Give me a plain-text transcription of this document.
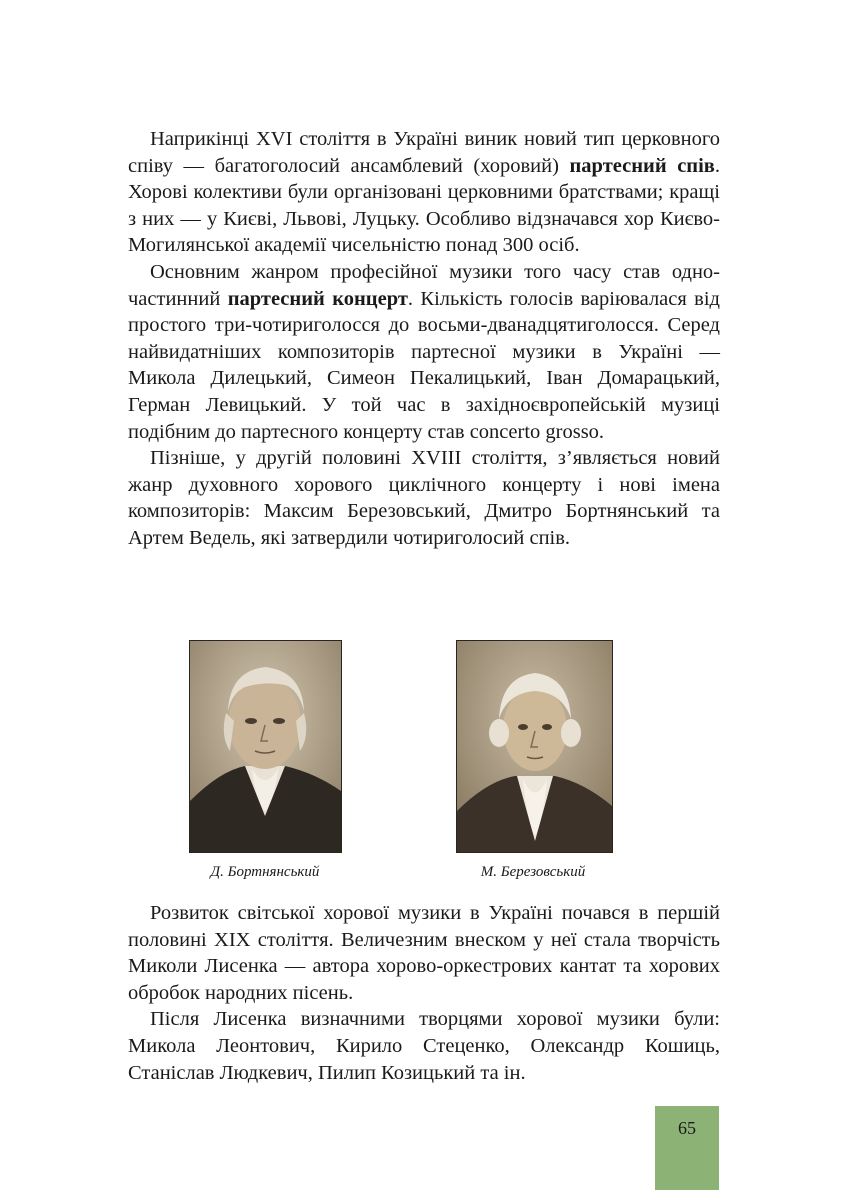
Наприкінці XVI століття в Україні виник новий тип церковного співу — багатоголосий ансамблевий (хоровий) партесний спів. Хорові колективи були організовані церковними братствами; кращі з них — у Києві, Львові, Луцьку. Особливо відзначався хор Києво-Могилянської академії чисельністю понад 300 осіб.

Основним жанром професійної музики того часу став одночастинний партесний концерт. Кількість голосів варіювалася від простого три-чотириголосся до восьми-дванадцятиголосся. Серед найвидатніших композиторів партесної музики в Україні — Микола Дилецький, Симеон Пекалицький, Іван Домарацький, Герман Левицький. У той час в західноєвропейській музиці подібним до партесного концерту став concerto grosso.

Пізніше, у другій половині XVIII століття, з’являється новий жанр духовного хорового циклічного концерту і нові імена композиторів: Максим Березовський, Дмитро Бортнянський та Артем Ведель, які затвердили чотириголосий спів.

Д. Бортнянський	М. Березовський

Розвиток світської хорової музики в Україні почався в першій половині XIX століття. Величезним внеском у неї стала творчість Миколи Лисенка — автора хорово-оркестрових кантат та хорових обробок народних пісень.

Після Лисенка визначними творцями хорової музики були: Микола Леонтович, Кирило Стеценко, Олександр Кошиць, Станіслав Людкевич, Пилип Козицький та ін.

65
